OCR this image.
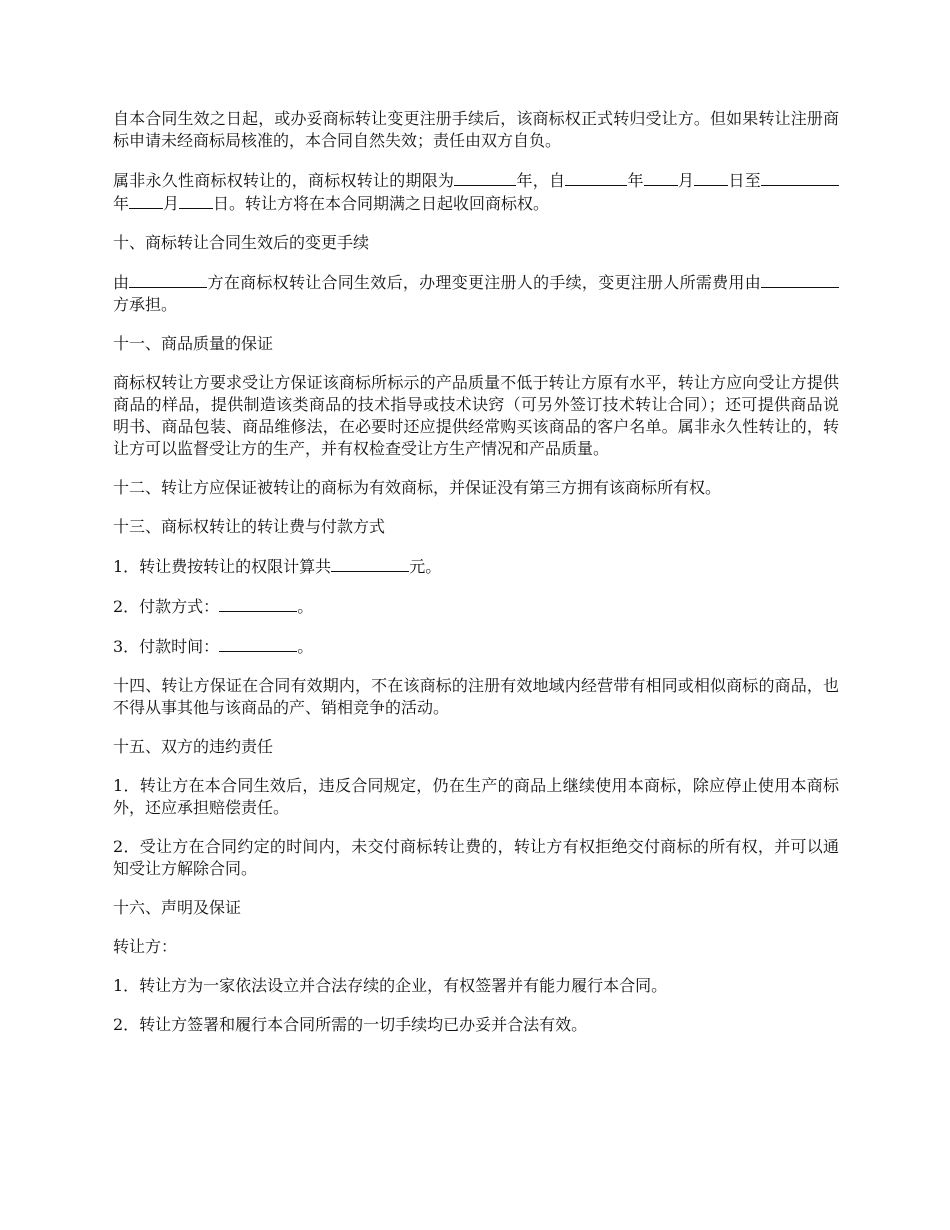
自本合同生效之日起，或办妥商标转让变更注册手续后，该商标权正式转归受让方。但如果转让注册商标申请未经商标局核准的，本合同自然失效；责任由双方自负。

属非永久性商标权转让的，商标权转让的期限为	年，自	年 月 日至年 月 日。转让方将在本合同期满之日起收回商标权。

十、商标转让合同生效后的变更手续

由	方在商标权转让合同生效后，办理变更注册人的手续，变更注册人所需费用由方承担。

十一、商品质量的保证

商标权转让方要求受让方保证该商标所标示的产品质量不低于转让方原有水平，转让方应向受让方提供商品的样品，提供制造该类商品的技术指导或技术诀窍（可另外签订技术转让合同）；还可提供商品说明书、商品包装、商品维修法，在必要时还应提供经常购买该商品的客户名单。属非永久性转让的，转让方可以监督受让方的生产，并有权检查受让方生产情况和产品质量。

十二、转让方应保证被转让的商标为有效商标，并保证没有第三方拥有该商标所有权。

十三、商标权转让的转让费与付款方式

1．转让费按转让的权限计算共	元。

2．付款方式：	。

3．付款时间：	。

十四、转让方保证在合同有效期内，不在该商标的注册有效地域内经营带有相同或相似商标的商品，也不得从事其他与该商品的产、销相竞争的活动。

十五、双方的违约责任

1．转让方在本合同生效后，违反合同规定，仍在生产的商品上继续使用本商标，除应停止使用本商标外，还应承担赔偿责任。

2．受让方在合同约定的时间内，未交付商标转让费的，转让方有权拒绝交付商标的所有权，并可以通知受让方解除合同。

十六、声明及保证

转让方：

1．转让方为一家依法设立并合法存续的企业，有权签署并有能力履行本合同。

2．转让方签署和履行本合同所需的一切手续均已办妥并合法有效。
